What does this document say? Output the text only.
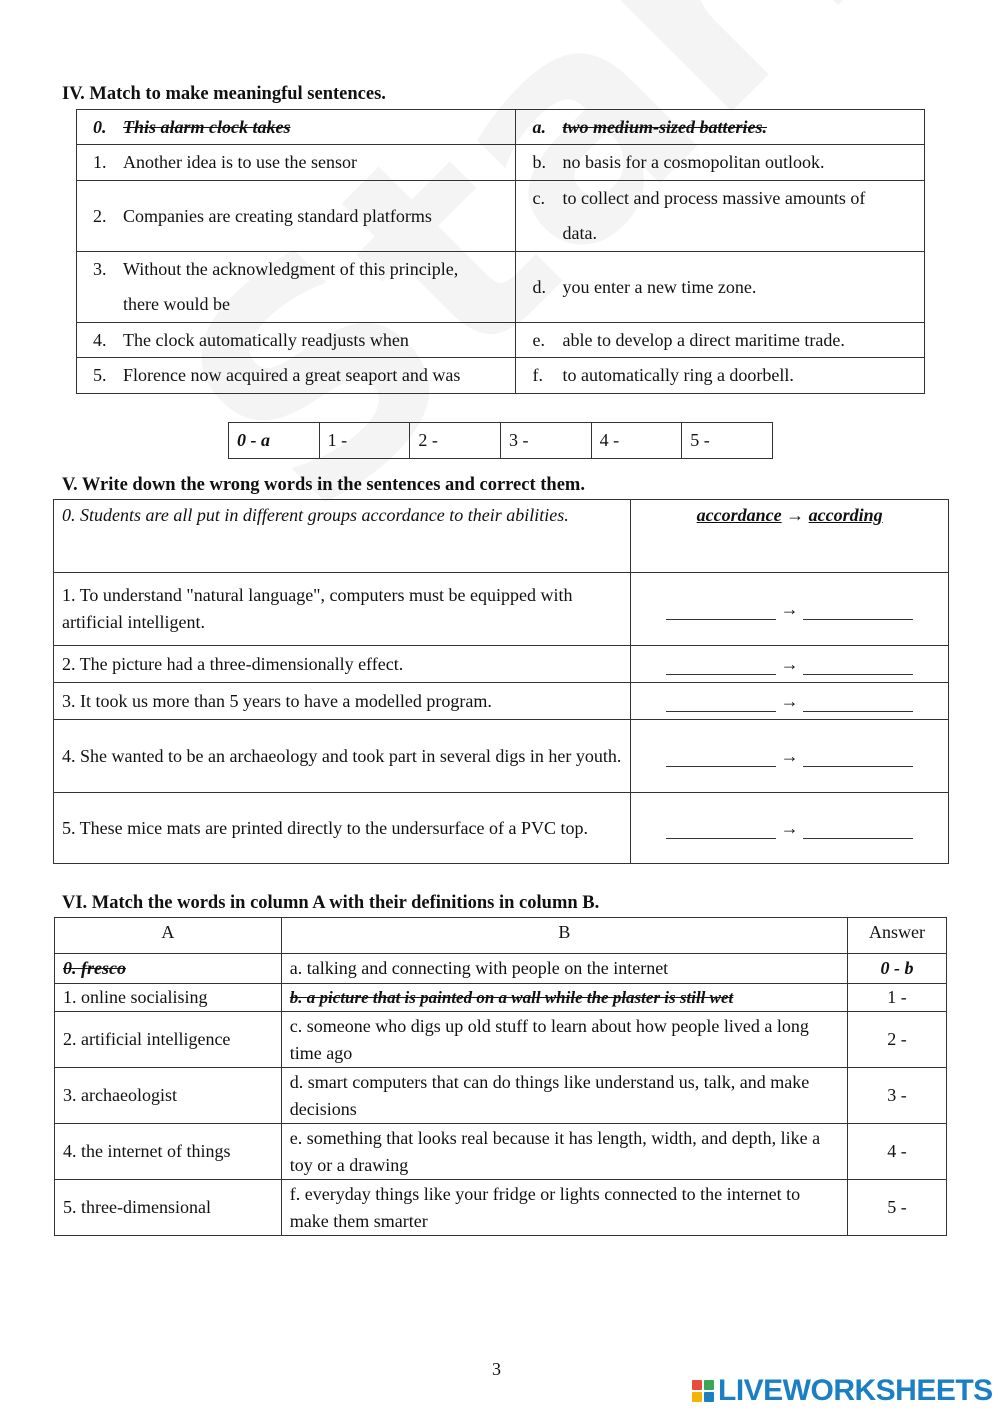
IV. Match to make meaningful sentences.
0. This alarm clock takes	a. two medium-sized batteries.
1. Another idea is to use the sensor	b. no basis for a cosmopolitan outlook.
2. Companies are creating standard platforms	c. to collect and process massive amounts of
data.
3. Without the acknowledgment of this principle,
there would be	d. you enter a new time zone.
4. The clock automatically readjusts when	e. able to develop a direct maritime trade.
5. Florence now acquired a great seaport and was	f. to automatically ring a doorbell.
0 - a	1 -	2 -	3 -	4 -	5 -
V. Write down the wrong words in the sentences and correct them.
0. Students are all put in different groups accordance to their abilities.	accordance → according
1. To understand "natural language", computers must be equipped with artificial intelligent.	→
2. The picture had a three-dimensionally effect.	→
3. It took us more than 5 years to have a modelled program.	→
4. She wanted to be an archaeology and took part in several digs in her youth.	→
5. These mice mats are printed directly to the undersurface of a PVC top.	→
VI. Match the words in column A with their definitions in column B.
A	B	Answer
0. fresco	a. talking and connecting with people on the internet	0 - b
1. online socialising	b. a picture that is painted on a wall while the plaster is still wet	1 -
2. artificial intelligence	c. someone who digs up old stuff to learn about how people lived a long time ago	2 -
3. archaeologist	d. smart computers that can do things like understand us, talk, and make decisions	3 -
4. the internet of things	e. something that looks real because it has length, width, and depth, like a toy or a drawing	4 -
5. three-dimensional	f. everyday things like your fridge or lights connected to the internet to make them smarter	5 -
3
LIVEWORKSHEETS
